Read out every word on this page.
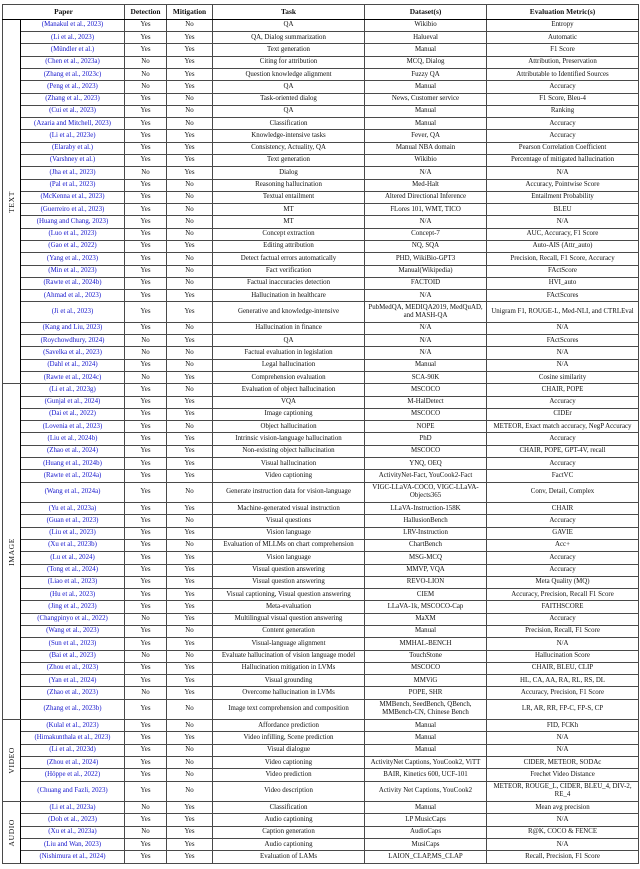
Paper		Detection	Mitigation	Task	Dataset(s)	Evaluation Metric(s)

TEXT	(Manakul et al., 2023)	Yes	No	QA	Wikibio	Entropy
	(Li et al., 2023)	Yes	Yes	QA, Dialog summarization	Halueval	Automatic
	(Mündler et al.)	Yes	Yes	Text generation	Manual	F1 Score
	(Chen et al., 2023a)	No	Yes	Citing for attribution	MCQ, Dialog	Attribution, Preservation
	(Zhang et al., 2023c)	No	Yes	Question knowledge alignment	Fuzzy QA	Attributable to Identified Sources
	(Peng et al., 2023)	No	Yes	QA	Manual	Accuracy
	(Zhang et al., 2023)	Yes	No	Task-oriented dialog	News, Customer service	F1 Score, Bleu-4
	(Cui et al., 2023)	Yes	No	QA	Manual	Ranking
	(Azaria and Mitchell, 2023)	Yes	No	Classification	Manual	Accuracy
	(Li et al., 2023e)	Yes	Yes	Knowledge-intensive tasks	Fever, QA	Accuracy
	(Elaraby et al.)	Yes	Yes	Consistency, Actuality, QA	Manual NBA domain	Pearson Correlation Coefficient
	(Varshney et al.)	Yes	Yes	Text generation	Wikibio	Percentage of mitigated hallucination
	(Jha et al., 2023)	No	Yes	Dialog	N/A	N/A
	(Pal et al., 2023)	Yes	No	Reasoning hallucination	Med-Halt	Accuracy, Pointwise Score
	(McKenna et al., 2023)	Yes	No	Textual entailment	Altered Directional Inference	Entailment Probability
	(Guerreiro et al., 2023)	Yes	No	MT	FLores 101, WMT, TICO	BLEU
	(Huang and Chang, 2023)	Yes	No	MT	N/A	N/A
	(Luo et al., 2023)	Yes	No	Concept extraction	Concept-7	AUC, Accuracy, F1 Score
	(Gao et al., 2022)	Yes	Yes	Editing attribution	NQ, SQA	Auto-AIS (Attr_auto)
	(Yang et al., 2023)	Yes	No	Detect factual errors automatically	PHD, WikiBio-GPT3	Precision, Recall, F1 Score, Accuracy
	(Min et al., 2023)	Yes	No	Fact verification	Manual(Wikipedia)	FActScore
	(Rawte et al., 2024b)	Yes	No	Factual inaccuracies detection	FACTOID	HVI_auto
	(Ahmad et al., 2023)	Yes	Yes	Hallucination in healthcare	N/A	FActScores
	(Ji et al., 2023)	Yes	Yes	Generative and knowledge-intensive	PubMedQA, MEDIQA2019, MedQuAD, and MASH-QA	Unigram F1, ROUGE-L, Med-NLI, and CTRLEval
	(Kang and Liu, 2023)	Yes	No	Hallucination in finance	N/A	N/A
	(Roychowdhury, 2024)	No	Yes	QA	N/A	FActScores
	(Savelka et al., 2023)	No	No	Factual evaluation in legislation	N/A	N/A
	(Dahl et al., 2024)	Yes	No	Legal hallucination	Manual	N/A
	(Rawte et al., 2024c)	No	Yes	Comprehension evaluation	SCA-90K	Cosine similarity

IMAGE	(Li et al., 2023g)	Yes	No	Evaluation of object hallucination	MSCOCO	CHAIR, POPE
	(Gunjal et al., 2024)	Yes	Yes	VQA	M-HalDetect	Accuracy
	(Dai et al., 2022)	Yes	Yes	Image captioning	MSCOCO	CIDEr
	(Lovenia et al., 2023)	Yes	No	Object hallucination	NOPE	METEOR, Exact match accuracy, NegP Accuracy
	(Liu et al., 2024b)	Yes	Yes	Intrinsic vision-language hallucination	PhD	Accuracy
	(Zhao et al., 2024)	Yes	Yes	Non-existing object hallucination	MSCOCO	CHAIR, POPE, GPT-4V, recall
	(Huang et al., 2024b)	Yes	Yes	Visual hallucination	YNQ, OEQ	Accuracy
	(Rawte et al., 2024a)	Yes	Yes	Video captioning	ActivityNet-Fact, YouCook2-Fact	FactVC
	(Wang et al., 2024a)	Yes	No	Generate instruction data for vision-language	VIGC-LLaVA-COCO, VIGC-LLaVA-Objects365	Conv, Detail, Complex
	(Yu et al., 2023a)	Yes	Yes	Machine-generated visual instruction	LLaVA-Instruction-158K	CHAIR
	(Guan et al., 2023)	Yes	No	Visual questions	HallusionBench	Accuracy
	(Liu et al., 2023)	Yes	Yes	Vision language	LRV-Instruction	GAVIE
	(Xu et al., 2023b)	Yes	No	Evaluation of MLLMs on chart comprehension	ChartBench	Acc+
	(Lu et al., 2024)	Yes	Yes	Vision language	MSG-MCQ	Accuracy
	(Tong et al., 2024)	Yes	Yes	Visual question answering	MMVP, VQA	Accuracy
	(Liao et al., 2023)	Yes	Yes	Visual question answering	REVO-LION	Meta Quality (MQ)
	(Hu et al., 2023)	Yes	Yes	Visual captioning, Visual question answering	CIEM	Accuracy, Precision, Recall F1 Score
	(Jing et al., 2023)	Yes	Yes	Meta-evaluation	LLaVA-1k, MSCOCO-Cap	FAITHSCORE
	(Changpinyo et al., 2022)	No	Yes	Multilingual visual question answering	MaXM	Accuracy
	(Wang et al., 2023)	Yes	No	Content generation	Manual	Precision, Recall, F1 Score
	(Sun et al., 2023)	Yes	Yes	Visual-language alignment	MMHAL-BENCH	N/A
	(Bai et al., 2023)	No	No	Evaluate hallucination of vision language model	TouchStone	Hallucination Score
	(Zhou et al., 2023)	Yes	Yes	Hallucination mitigation in LVMs	MSCOCO	CHAIR, BLEU, CLIP
	(Yan et al., 2024)	Yes	Yes	Visual grounding	MMViG	HL, CA, AA, RA, RL, RS, DL
	(Zhao et al., 2023)	No	Yes	Overcome hallucination in LVMs	POPE, SHR	Accuracy, Precision, F1 Score
	(Zhang et al., 2023b)	Yes	No	Image text comprehension and composition	MMBench, SeedBench, QBench, MMBench-CN, Chinese Bench	LR, AR, RR, FP-C, FP-S, CP

VIDEO	(Kulal et al., 2023)	Yes	No	Affordance prediction	Manual	FID, FCKh
	(Himakunthala et al., 2023)	Yes	Yes	Video infilling, Scene prediction	Manual	N/A
	(Li et al., 2023d)	Yes	No	Visual dialogue	Manual	N/A
	(Zhou et al., 2024)	Yes	No	Video captioning	ActivityNet Captions, YouCook2, ViTT	CIDER, METEOR, SODAc
	(Höppe et al., 2022)	Yes	No	Video prediction	BAIR, Kinetics 600, UCF-101	Frechet Video Distance
	(Chuang and Fazli, 2023)	Yes	No	Video description	Activity Net Captions, YouCook2	METEOR, ROUGE_L, CIDER, BLEU_4, DIV-2, RE_4

AUDIO	(Li et al., 2023a)	No	Yes	Classification	Manual	Mean avg precision
	(Doh et al., 2023)	Yes	Yes	Audio captioning	LP MusicCaps	N/A
	(Xu et al., 2023a)	No	Yes	Caption generation	AudioCaps	R@K, COCO & FENCE
	(Liu and Wan, 2023)	Yes	Yes	Audio captioning	MusiCaps	N/A
	(Nishimura et al., 2024)	Yes	Yes	Evaluation of LAMs	LAION_CLAP,MS_CLAP	Recall, Precision, F1 Score
